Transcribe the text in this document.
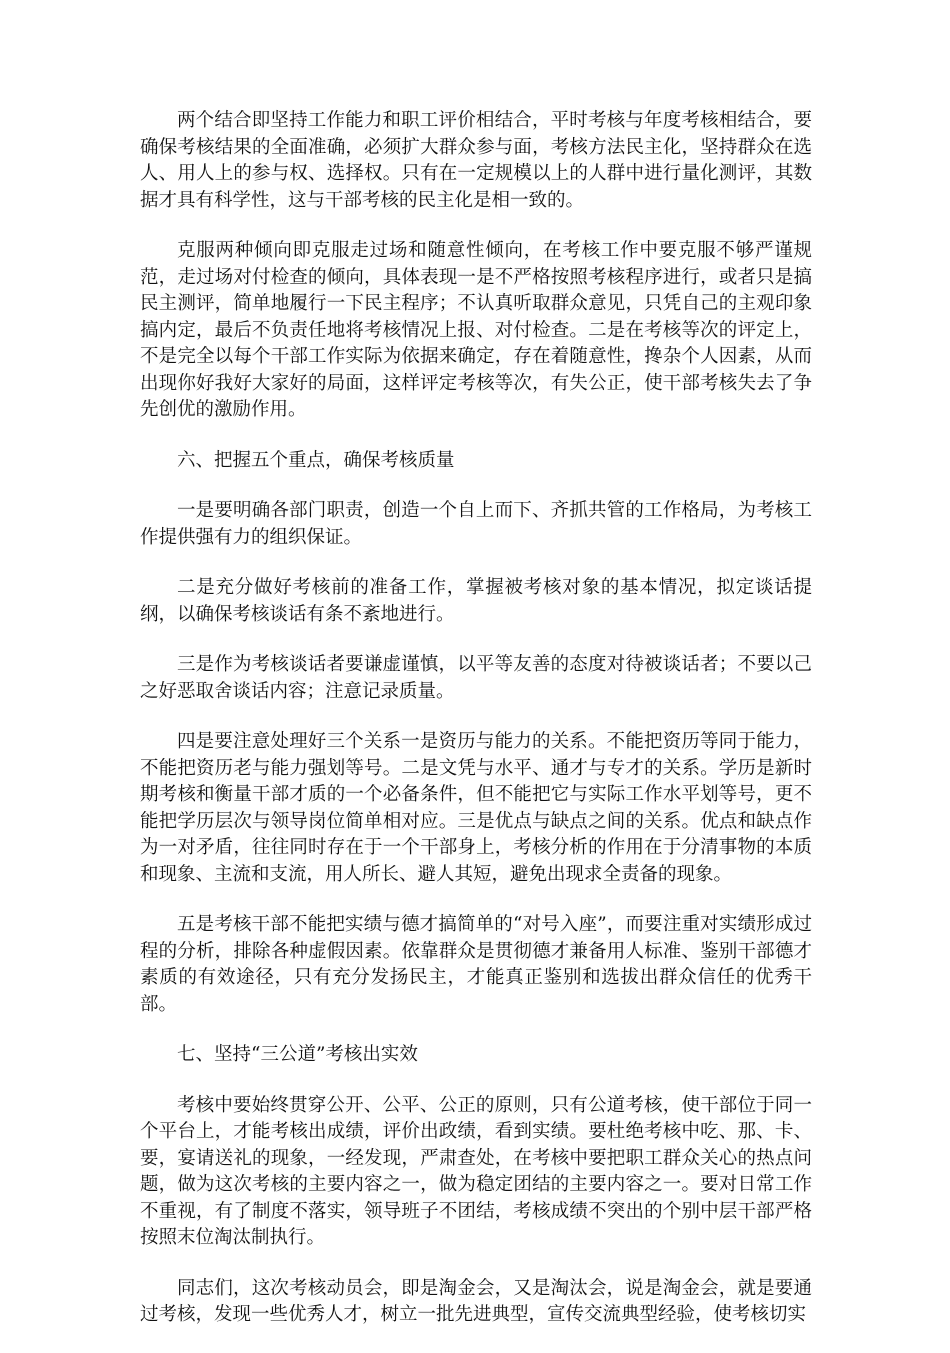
两个结合即坚持工作能力和职工评价相结合，平时考核与年度考核相结合，要确保考核结果的全面准确，必须扩大群众参与面，考核方法民主化，坚持群众在选人、用人上的参与权、选择权。只有在一定规模以上的人群中进行量化测评，其数据才具有科学性，这与干部考核的民主化是相一致的。

克服两种倾向即克服走过场和随意性倾向，在考核工作中要克服不够严谨规范，走过场对付检查的倾向，具体表现一是不严格按照考核程序进行，或者只是搞民主测评，简单地履行一下民主程序；不认真听取群众意见，只凭自己的主观印象搞内定，最后不负责任地将考核情况上报、对付检查。二是在考核等次的评定上，不是完全以每个干部工作实际为依据来确定，存在着随意性，搀杂个人因素，从而出现你好我好大家好的局面，这样评定考核等次，有失公正，使干部考核失去了争先创优的激励作用。

六、把握五个重点，确保考核质量

一是要明确各部门职责，创造一个自上而下、齐抓共管的工作格局，为考核工作提供强有力的组织保证。

二是充分做好考核前的准备工作，掌握被考核对象的基本情况，拟定谈话提纲，以确保考核谈话有条不紊地进行。

三是作为考核谈话者要谦虚谨慎，以平等友善的态度对待被谈话者；不要以己之好恶取舍谈话内容；注意记录质量。

四是要注意处理好三个关系一是资历与能力的关系。不能把资历等同于能力，不能把资历老与能力强划等号。二是文凭与水平、通才与专才的关系。学历是新时期考核和衡量干部才质的一个必备条件，但不能把它与实际工作水平划等号，更不能把学历层次与领导岗位简单相对应。三是优点与缺点之间的关系。优点和缺点作为一对矛盾，往往同时存在于一个干部身上，考核分析的作用在于分清事物的本质和现象、主流和支流，用人所长、避人其短，避免出现求全责备的现象。

五是考核干部不能把实绩与德才搞简单的“对号入座”，而要注重对实绩形成过程的分析，排除各种虚假因素。依靠群众是贯彻德才兼备用人标准、鉴别干部德才素质的有效途径，只有充分发扬民主，才能真正鉴别和选拔出群众信任的优秀干部。

七、坚持“三公道”考核出实效

考核中要始终贯穿公开、公平、公正的原则，只有公道考核，使干部位于同一个平台上，才能考核出成绩，评价出政绩，看到实绩。要杜绝考核中吃、那、卡、要，宴请送礼的现象，一经发现，严肃查处，在考核中要把职工群众关心的热点问题，做为这次考核的主要内容之一，做为稳定团结的主要内容之一。要对日常工作不重视，有了制度不落实，领导班子不团结，考核成绩不突出的个别中层干部严格按照末位淘汰制执行。

同志们，这次考核动员会，即是淘金会，又是淘汰会，说是淘金会，就是要通过考核，发现一些优秀人才，树立一批先进典型，宣传交流典型经验，使考核切实
